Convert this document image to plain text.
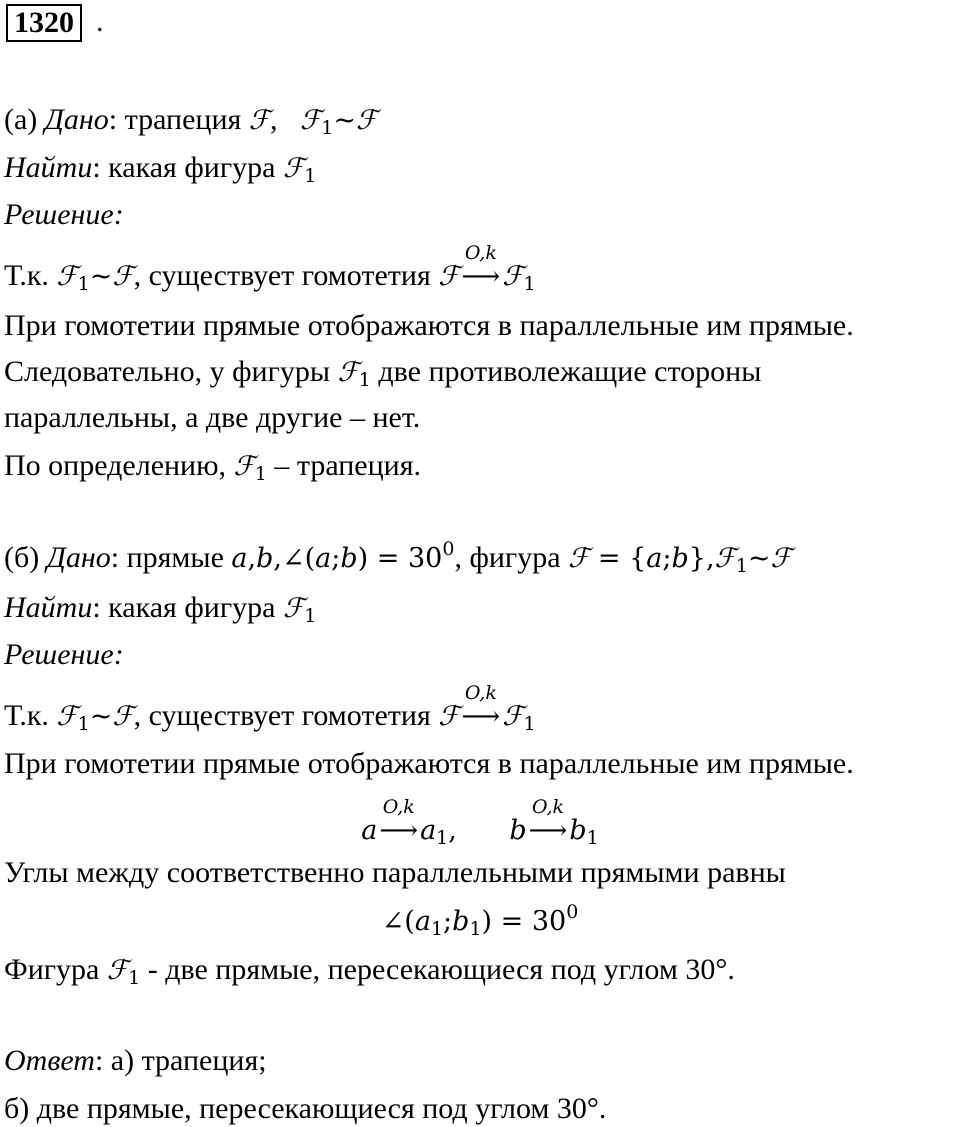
1320 .
(а) Дано: трапеция ℱ,   ℱ$_1$~ℱ
Найти: какая фигура ℱ$_1$
Решение:
Т.к. ℱ$_1$~ℱ, существует гомотетия ℱ
O,k
⟶ℱ$_1$
При гомотетии прямые отображаются в параллельные им прямые.
Следовательно, у фигуры ℱ$_1$ две противолежащие стороны
параллельны, а две другие – нет.
По определению, ℱ$_1$ – трапеция.
(б) Дано: прямые a,b,∠(a;b) = $30^0$, фигура ℱ = {a;b},ℱ$_1$~ℱ
Найти: какая фигура ℱ$_1$
Решение:
Т.к. ℱ$_1$~ℱ, существует гомотетия ℱ
O,k
⟶ℱ$_1$
При гомотетии прямые отображаются в параллельные им прямые.
a
O,k
$⟶a_1$, b
O,k
$⟶b_1$
Углы между соответственно параллельными прямыми равны
$\angle(a_1;b_1) = 30^0$
Фигура ℱ$_1$ - две прямые, пересекающиеся под углом 30°.
Ответ: а) трапеция;
б) две прямые, пересекающиеся под углом 30°.
